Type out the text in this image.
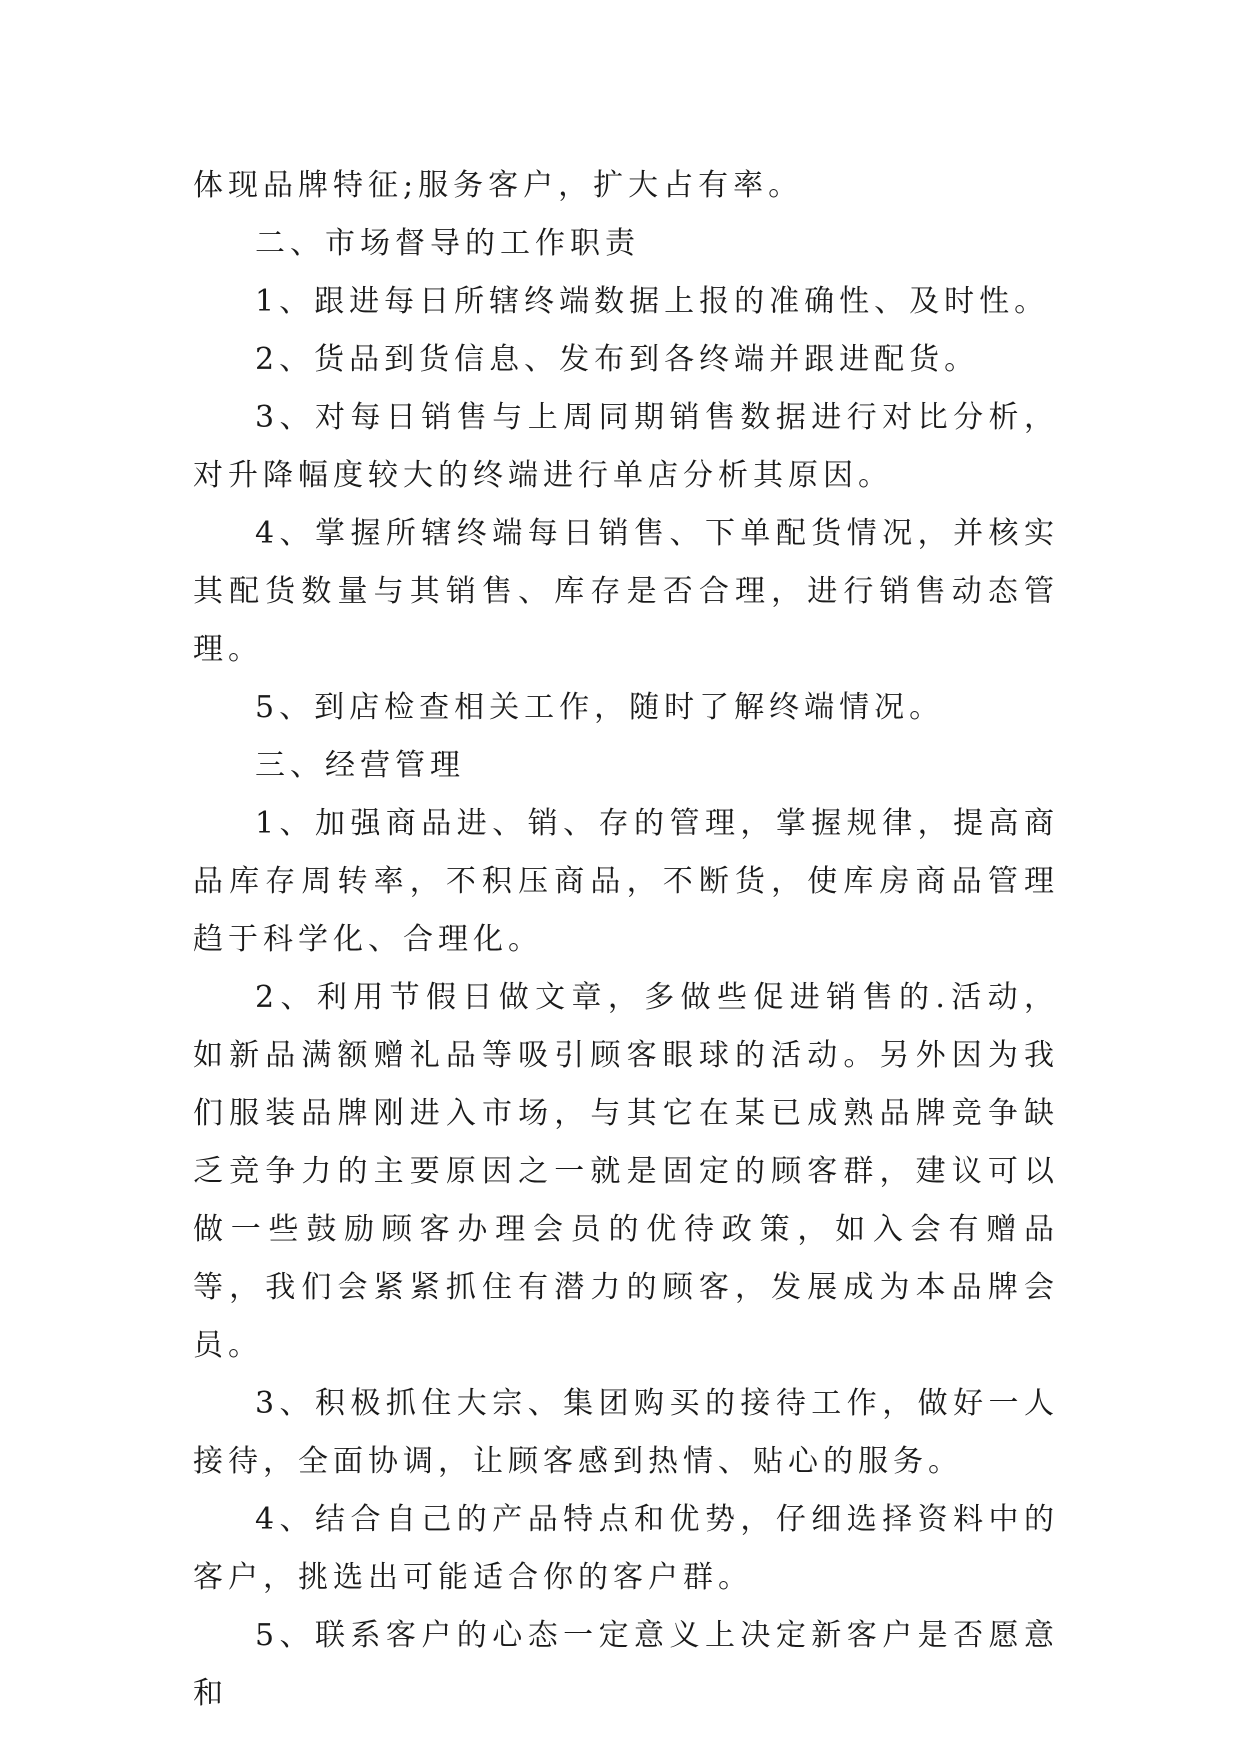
体现品牌特征;服务客户，扩大占有率。

二、市场督导的工作职责

1、跟进每日所辖终端数据上报的准确性、及时性。

2、货品到货信息、发布到各终端并跟进配货。

3、对每日销售与上周同期销售数据进行对比分析，对升降幅度较大的终端进行单店分析其原因。

4、掌握所辖终端每日销售、下单配货情况，并核实其配货数量与其销售、库存是否合理，进行销售动态管理。

5、到店检查相关工作，随时了解终端情况。

三、经营管理

1、加强商品进、销、存的管理，掌握规律，提高商品库存周转率，不积压商品，不断货，使库房商品管理趋于科学化、合理化。

2、利用节假日做文章，多做些促进销售的.活动，如新品满额赠礼品等吸引顾客眼球的活动。另外因为我们服装品牌刚进入市场，与其它在某已成熟品牌竞争缺乏竞争力的主要原因之一就是固定的顾客群，建议可以做一些鼓励顾客办理会员的优待政策，如入会有赠品等，我们会紧紧抓住有潜力的顾客，发展成为本品牌会员。

3、积极抓住大宗、集团购买的接待工作，做好一人接待，全面协调，让顾客感到热情、贴心的服务。

4、结合自己的产品特点和优势，仔细选择资料中的客户，挑选出可能适合你的客户群。

5、联系客户的心态一定意义上决定新客户是否愿意和
